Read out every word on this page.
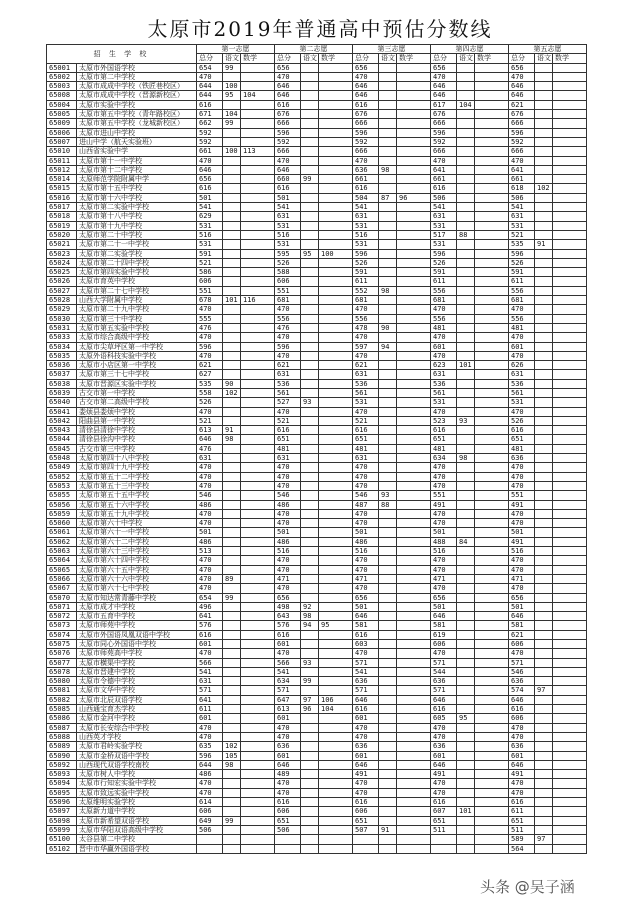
太原市2019年普通高中预估分数线
招 生 学 校		第一志愿			第二志愿			第三志愿			第四志愿			第五志愿		
		总分	语文	数学	总分	语文	数学	总分	语文	数学	总分	语文	数学	总分	语文	数学
65001	太原市外国语学校	654	99		656			656			656			656		
65002	太原市第二中学校	470			470			470			470			470		
65003	太原市成成中学校（铁匠巷校区）	644	100		646			646			646			646		
65008	太原市成成中学校（晋源新校区）	644	95	104	646			646			646			646		
65004	太原市实验中学校	616			616			616			617	104		621		
65005	太原市第五中学校（青年路校区）	671	104		676			676			676			676		
65009	太原市第五中学校（龙城新校区）	662	99		666			666			666			666		
65006	太原市进山中学校	592			596			596			596			596		
65007	进山中学（航天实验班）	592			592			592			592			592		
65010	山西省实验中学	661	100	113	666			666			666			666		
65011	太原市第十一中学校	470			470			470			470			470		
65012	太原市第十二中学校	646			646			636	98		641			641		
65014	太原师范学院附属中学	656			660	99		661			661			661		
65015	太原市第十五中学校	616			616			616			616			618	102	
65016	太原市第十六中学校	501			501			504	87	96	506			506		
65017	太原市第二实验中学校	541			541			541			541			541		
65018	太原市第十八中学校	629			631			631			631			631		
65019	太原市第十九中学校	531			531			531			531			531		
65020	太原市第二十中学校	516			516			516			517	88		521		
65021	太原市第二十一中学校	531			531			531			531			535	91	
65023	太原市第二实验学校	591			595	95	100	596			596			596		
65024	太原市第二十四中学校	521			526			526			526			526		
65025	太原市第四实验中学校	586			588			591			591			591		
65026	太原市育英中学校	606			606			611			611			611		
65027	太原市第二十七中学校	551			551			552	98		556			556		
65028	山西大学附属中学校	678	101	116	681			681			681			681		
65029	太原市第二十九中学校	470			470			470			470			470		
65030	太原市第三十中学校	555			556			556			556			556		
65031	太原市第五实验中学校	476			476			478	90		481			481		
65033	太原市综合高级中学校	470			470			470			470			470		
65034	太原市尖草坪区第一中学校	596			596			597	94		601			601		
65035	太原外语科技实验中学校	470			470			470			470			470		
65036	太原市小店区第一中学校	621			621			621			623	101		626		
65037	太原市第三十七中学校	627			631			631			631			631		
65038	太原市晋源区实验中学校	535	90		536			536			536			536		
65039	古交市第一中学校	558	102		561			561			561			561		
65040	古交市第二高级中学校	526			527	93		531			531			531		
65041	娄烦县娄烦中学校	470			470			470			470			470		
65042	阳曲县第一中学校	521			521			521			523	93		526		
65043	清徐县清徐中学校	613	91		616			616			616			616		
65044	清徐县徐沟中学校	646	98		651			651			651			651		
65045	古交市第三中学校	476			481			481			481			481		
65048	太原市第四十八中学校	631			631			631			634	98		636		
65049	太原市第四十九中学校	470			470			470			470			470		
65052	太原市第五十二中学校	470			470			470			470			470		
65053	太原市第五十三中学校	470			470			470			470			470		
65055	太原市第五十五中学校	546			546			546	93		551			551		
65056	太原市第五十六中学校	486			486			487	88		491			491		
65059	太原市第五十九中学校	470			470			470			470			470		
65060	太原市第六十中学校	470			470			470			470			470		
65061	太原市第六十一中学校	501			501			501			501			501		
65062	太原市第六十二中学校	486			486			486			488	84		491		
65063	太原市第六十三中学校	513			516			516			516			516		
65064	太原市第六十四中学校	470			470			470			470			470		
65065	太原市第六十五中学校	470			470			470			470			470		
65066	太原市第六十六中学校	470	89		471			471			471			471		
65067	太原市第六十七中学校	470			470			470			470			470		
65070	太原市知达常青藤中学校	654	99		656			656			656			656		
65071	太原市成才中学校	496			498	92		501			501			501		
65072	太原市五育中学校	641			643	98		646			646			646		
65073	太原市师苑中学校	576			576	94	95	581			581			581		
65074	太原市外国语凤凰双语中学校	616			616			616			619			621		
65075	太原市同心外国语中学校	601			601			603			606			606		
65076	太原市师苑高中学校	470			470			470			470			470		
65077	太原市横渠中学校	566			566	93		571			571			571		
65078	太原市晋建中学校	541			541			541			544			546		
65080	太原市令德中学校	631			634	99		636			636			636		
65081	太原市文华中学校	571			571			571			571			574	97	
65082	太原市北辰双语学校	641			647	97	106	646			646			646		
65085	山西通宝育杰学校	611			613	96	104	616			616			616		
65086	太原市金河中学校	601			601			601			605	95		606		
65087	太原市长安综合中学校	470			470			470			470			470		
65088	山西英才学校	470			470			470			470			470		
65089	太原市君岭实验学校	635	102		636			636			636			636		
65090	太原市金桥双语中学校	596	105		601			601			601			601		
65092	山西现代双语学校南校	644	98		646			646			646			646		
65093	太原市树人中学校	486			489			491			491			491		
65094	太原市行知宏实验中学校	470			470			470			470			470		
65095	太原市致远实验中学校	470			470			470			470			470		
65096	太原维明实验学校	614			616			616			616			616		
65097	太原新力道中学校	606			606			606			607	101		611		
65098	太原市新希望双语学校	649	99		651			651			651			651		
65099	太原市华阳双语高级中学校	506			506			507	91		511			511		
65100	太谷县第二中学校													589	97	
65102	晋中市华赢外国语学校													564		
头条 @吴子涵
